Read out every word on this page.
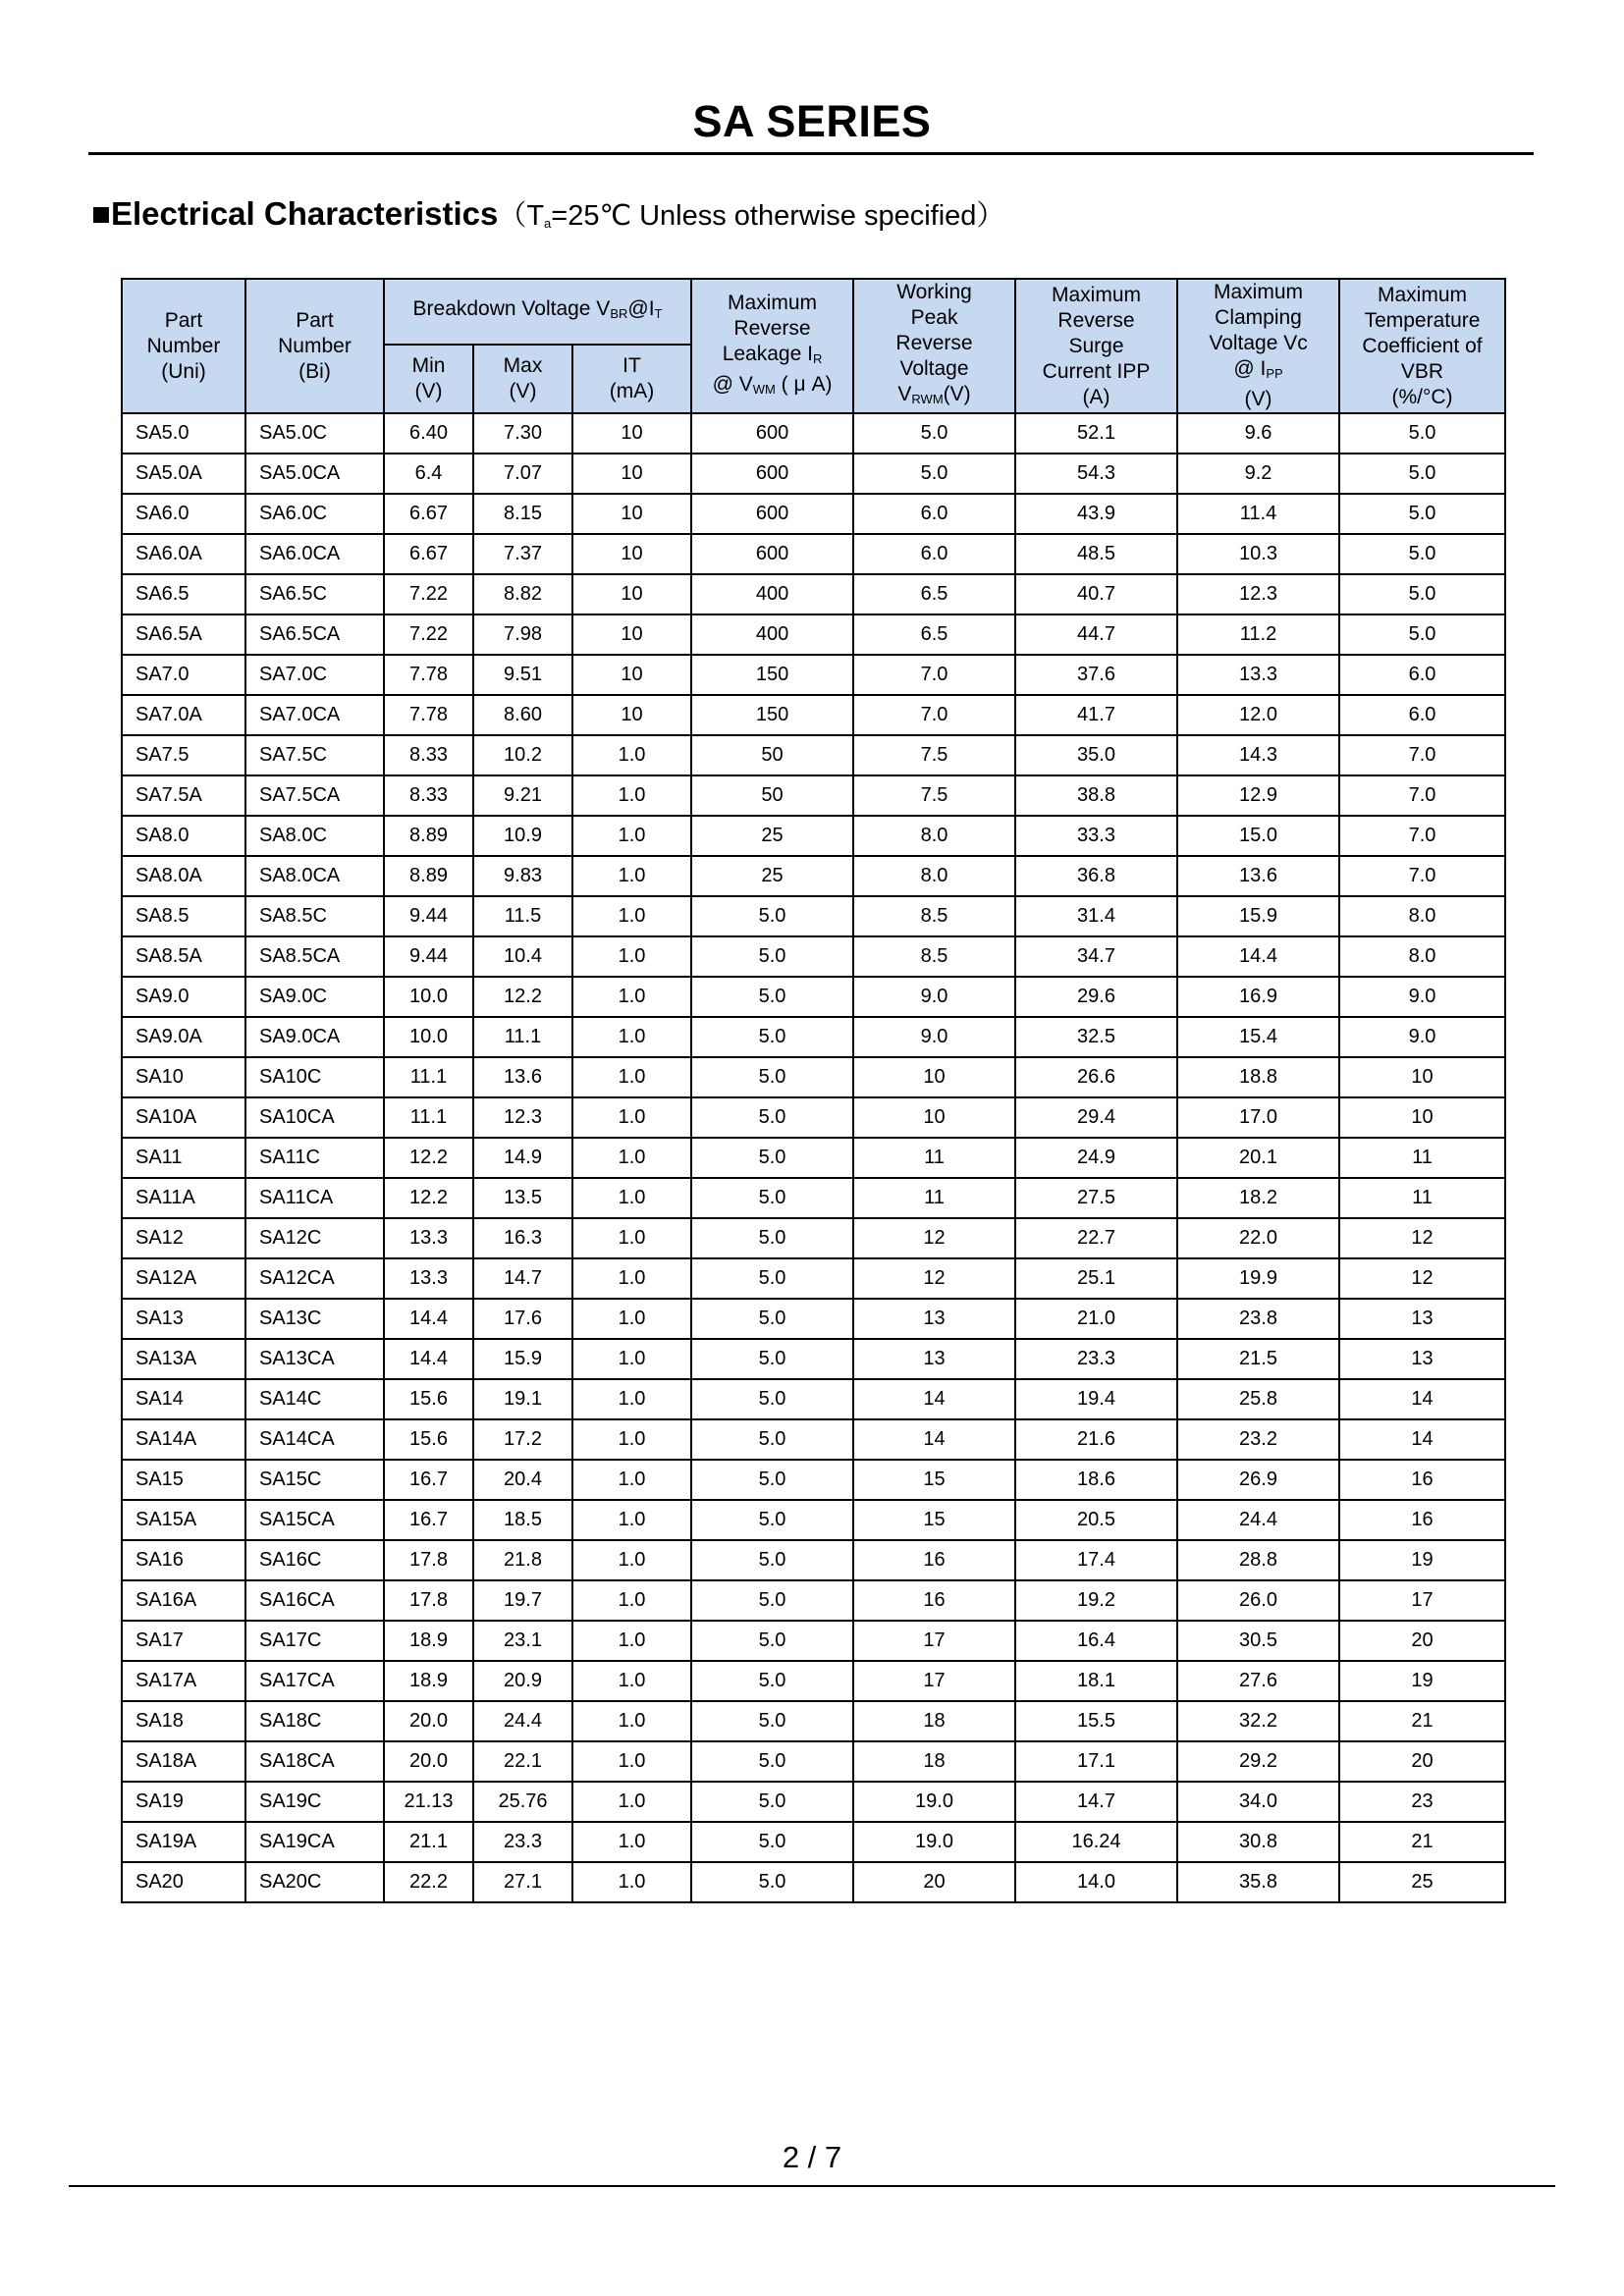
SA SERIES
■Electrical $Characteristics(T_a=25℃$ Unless otherwise specified）
Part
Number
(Uni)	Part
Number
(Bi)	Breakdown Voltage $V_{BR}@I_T$			Maximum
Reverse
Leakage $I_R$
@ $V_{WM}$ ( μ A)	Working
Peak
Reverse
Voltage
$V_{RWM}(V)$	Maximum
Reverse
Surge
Current IPP
(A)	Maximum
Clamping
Voltage Vc
@ $I_{PP}$
(V)	Maximum
Temperature
Coefficient of
VBR
(%/°C)
		Min
(V)	Max
(V)	IT
(mA)					
SA5.0	SA5.0C	6.40	7.30	10	600	5.0	52.1	9.6	5.0
SA5.0A	SA5.0CA	6.4	7.07	10	600	5.0	54.3	9.2	5.0
SA6.0	SA6.0C	6.67	8.15	10	600	6.0	43.9	11.4	5.0
SA6.0A	SA6.0CA	6.67	7.37	10	600	6.0	48.5	10.3	5.0
SA6.5	SA6.5C	7.22	8.82	10	400	6.5	40.7	12.3	5.0
SA6.5A	SA6.5CA	7.22	7.98	10	400	6.5	44.7	11.2	5.0
SA7.0	SA7.0C	7.78	9.51	10	150	7.0	37.6	13.3	6.0
SA7.0A	SA7.0CA	7.78	8.60	10	150	7.0	41.7	12.0	6.0
SA7.5	SA7.5C	8.33	10.2	1.0	50	7.5	35.0	14.3	7.0
SA7.5A	SA7.5CA	8.33	9.21	1.0	50	7.5	38.8	12.9	7.0
SA8.0	SA8.0C	8.89	10.9	1.0	25	8.0	33.3	15.0	7.0
SA8.0A	SA8.0CA	8.89	9.83	1.0	25	8.0	36.8	13.6	7.0
SA8.5	SA8.5C	9.44	11.5	1.0	5.0	8.5	31.4	15.9	8.0
SA8.5A	SA8.5CA	9.44	10.4	1.0	5.0	8.5	34.7	14.4	8.0
SA9.0	SA9.0C	10.0	12.2	1.0	5.0	9.0	29.6	16.9	9.0
SA9.0A	SA9.0CA	10.0	11.1	1.0	5.0	9.0	32.5	15.4	9.0
SA10	SA10C	11.1	13.6	1.0	5.0	10	26.6	18.8	10
SA10A	SA10CA	11.1	12.3	1.0	5.0	10	29.4	17.0	10
SA11	SA11C	12.2	14.9	1.0	5.0	11	24.9	20.1	11
SA11A	SA11CA	12.2	13.5	1.0	5.0	11	27.5	18.2	11
SA12	SA12C	13.3	16.3	1.0	5.0	12	22.7	22.0	12
SA12A	SA12CA	13.3	14.7	1.0	5.0	12	25.1	19.9	12
SA13	SA13C	14.4	17.6	1.0	5.0	13	21.0	23.8	13
SA13A	SA13CA	14.4	15.9	1.0	5.0	13	23.3	21.5	13
SA14	SA14C	15.6	19.1	1.0	5.0	14	19.4	25.8	14
SA14A	SA14CA	15.6	17.2	1.0	5.0	14	21.6	23.2	14
SA15	SA15C	16.7	20.4	1.0	5.0	15	18.6	26.9	16
SA15A	SA15CA	16.7	18.5	1.0	5.0	15	20.5	24.4	16
SA16	SA16C	17.8	21.8	1.0	5.0	16	17.4	28.8	19
SA16A	SA16CA	17.8	19.7	1.0	5.0	16	19.2	26.0	17
SA17	SA17C	18.9	23.1	1.0	5.0	17	16.4	30.5	20
SA17A	SA17CA	18.9	20.9	1.0	5.0	17	18.1	27.6	19
SA18	SA18C	20.0	24.4	1.0	5.0	18	15.5	32.2	21
SA18A	SA18CA	20.0	22.1	1.0	5.0	18	17.1	29.2	20
SA19	SA19C	21.13	25.76	1.0	5.0	19.0	14.7	34.0	23
SA19A	SA19CA	21.1	23.3	1.0	5.0	19.0	16.24	30.8	21
SA20	SA20C	22.2	27.1	1.0	5.0	20	14.0	35.8	25
2 / 7
